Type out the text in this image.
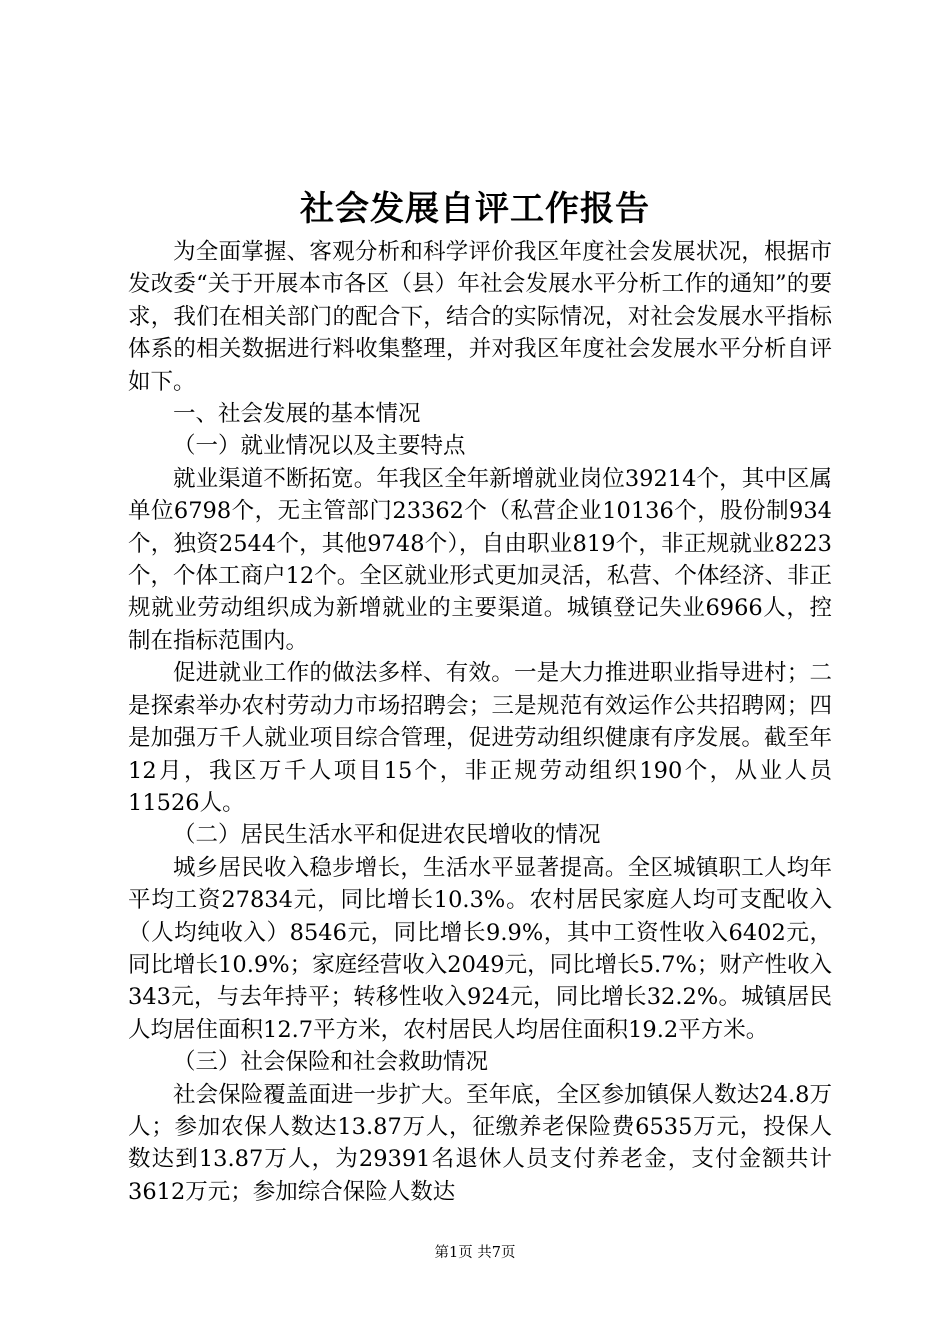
社会发展自评工作报告

为全面掌握、客观分析和科学评价我区年度社会发展状况，根据市发改委“关于开展本市各区（县）年社会发展水平分析工作的通知”的要求，我们在相关部门的配合下，结合的实际情况，对社会发展水平指标体系的相关数据进行料收集整理，并对我区年度社会发展水平分析自评如下。

一、社会发展的基本情况

（一）就业情况以及主要特点

就业渠道不断拓宽。年我区全年新增就业岗位39214个，其中区属单位6798个，无主管部门23362个（私营企业10136个，股份制934个，独资2544个，其他9748个），自由职业819个，非正规就业8223个，个体工商户12个。全区就业形式更加灵活，私营、个体经济、非正规就业劳动组织成为新增就业的主要渠道。城镇登记失业6966人，控制在指标范围内。

促进就业工作的做法多样、有效。一是大力推进职业指导进村；二是探索举办农村劳动力市场招聘会；三是规范有效运作公共招聘网；四是加强万千人就业项目综合管理，促进劳动组织健康有序发展。截至年12月，我区万千人项目15个，非正规劳动组织190个，从业人员11526人。

（二）居民生活水平和促进农民增收的情况

城乡居民收入稳步增长，生活水平显著提高。全区城镇职工人均年平均工资27834元，同比增长10.3%。农村居民家庭人均可支配收入（人均纯收入）8546元，同比增长9.9%，其中工资性收入6402元，同比增长10.9%；家庭经营收入2049元，同比增长5.7%；财产性收入343元，与去年持平；转移性收入924元，同比增长32.2%。城镇居民人均居住面积12.7平方米，农村居民人均居住面积19.2平方米。

（三）社会保险和社会救助情况

社会保险覆盖面进一步扩大。至年底，全区参加镇保人数达24.8万人；参加农保人数达13.87万人，征缴养老保险费6535万元，投保人数达到13.87万人，为29391名退休人员支付养老金，支付金额共计3612万元；参加综合保险人数达

第1页 共7页
